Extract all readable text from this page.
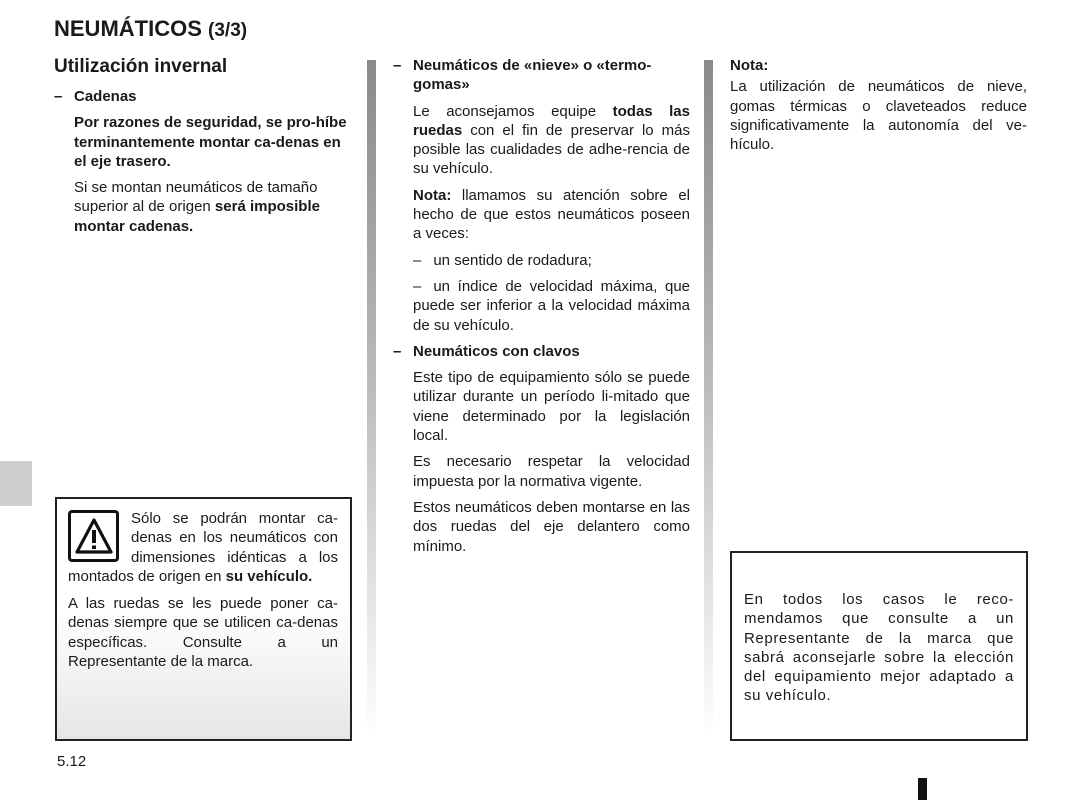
NEUMÁTICOS (3/3)
Utilización invernal
– Cadenas

Por razones de seguridad, se pro-híbe terminantemente montar ca-denas en el eje trasero.

Si se montan neumáticos de tamaño superior al de origen será imposible montar cadenas.

Sólo se podrán montar ca-denas en los neumáticos con dimensiones idénticas a los montados de origen en su vehículo.

A las ruedas se les puede poner ca-denas siempre que se utilicen ca-denas específicas. Consulte a un Representante de la marca.

– Neumáticos de «nieve» o «termo-gomas»

Le aconsejamos equipe todas las ruedas con el fin de preservar lo más posible las cualidades de adhe-rencia de su vehículo.

Nota: llamamos su atención sobre el hecho de que estos neumáticos poseen a veces:

– un sentido de rodadura;
– un índice de velocidad máxima, que puede ser inferior a la velocidad máxima de su vehículo.
– Neumáticos con clavos

Este tipo de equipamiento sólo se puede utilizar durante un período li-mitado que viene determinado por la legislación local.

Es necesario respetar la velocidad impuesta por la normativa vigente.

Estos neumáticos deben montarse en las dos ruedas del eje delantero como mínimo.

Nota:

La utilización de neumáticos de nieve, gomas térmicas o claveteados reduce significativamente la autonomía del ve-hículo.

En todos los casos le reco-mendamos que consulte a un Representante de la marca que sabrá aconsejarle sobre la elección del equipamiento mejor adaptado a su vehículo.

5.12
